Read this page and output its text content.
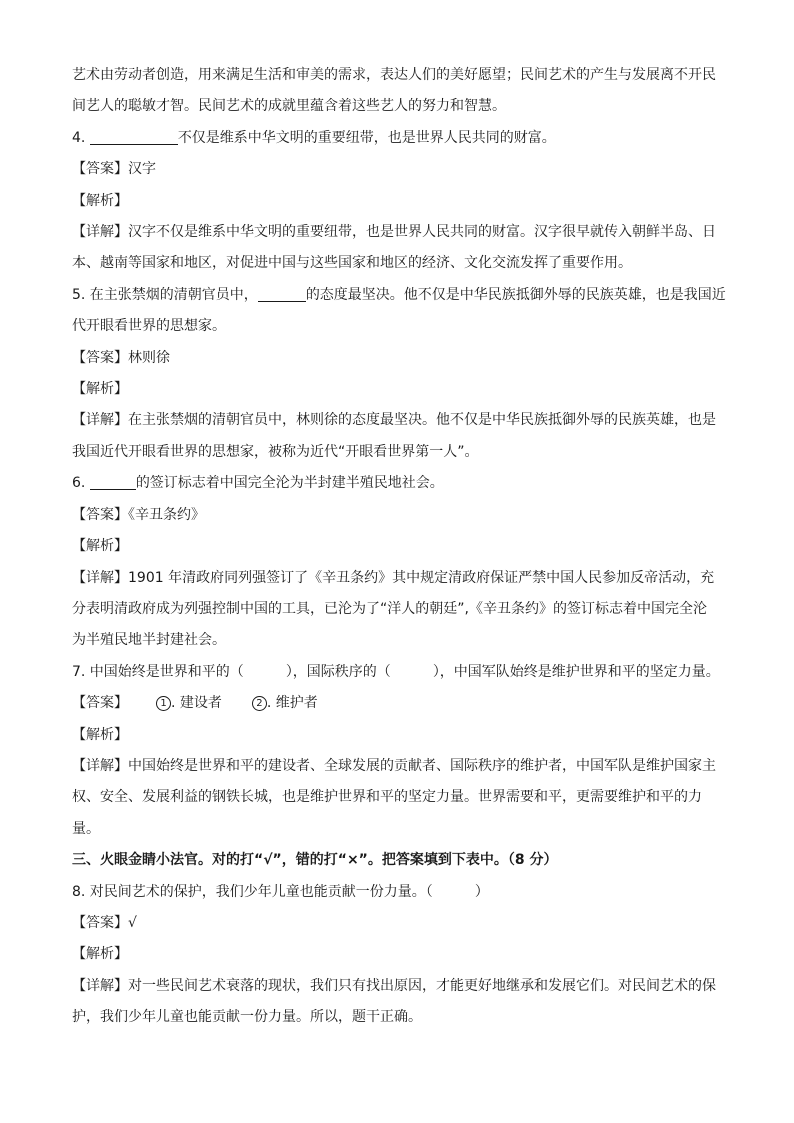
艺术由劳动者创造，用来满足生活和审美的需求，表达人们的美好愿望；民间艺术的产生与发展离不开民
间艺人的聪敏才智。民间艺术的成就里蕴含着这些艺人的努力和智慧。
4.	不仅是维系中华文明的重要纽带，也是世界人民共同的财富。
【答案】汉字
【解析】
【详解】汉字不仅是维系中华文明的重要纽带，也是世界人民共同的财富。汉字很早就传入朝鲜半岛、日
本、越南等国家和地区，对促进中国与这些国家和地区的经济、文化交流发挥了重要作用。
5. 在主张禁烟的清朝官员中，	的态度最坚决。他不仅是中华民族抵御外辱的民族英雄，也是我国近
代开眼看世界的思想家。
【答案】林则徐
【解析】
【详解】在主张禁烟的清朝官员中，林则徐的态度最坚决。他不仅是中华民族抵御外辱的民族英雄，也是
我国近代开眼看世界的思想家，被称为近代“开眼看世界第一人”。
6.	的签订标志着中国完全沦为半封建半殖民地社会。
【答案】《辛丑条约》
【解析】
【详解】1901 年清政府同列强签订了《辛丑条约》其中规定清政府保证严禁中国人民参加反帝活动，充
分表明清政府成为列强控制中国的工具，已沦为了“洋人的朝廷”,《辛丑条约》的签订标志着中国完全沦
为半殖民地半封建社会。
7. 中国始终是世界和平的（	），国际秩序的（	），中国军队始终是维护世界和平的坚定力量。
【答案】	1 . 建设者	2 . 维护者
【解析】
【详解】中国始终是世界和平的建设者、全球发展的贡献者、国际秩序的维护者，中国军队是维护国家主
权、安全、发展利益的钢铁长城，也是维护世界和平的坚定力量。世界需要和平，更需要维护和平的力
量。
三、火眼金睛小法官。对的打“√”，错的打“×”。把答案填到下表中。（8 分）
8. 对民间艺术的保护，我们少年儿童也能贡献一份力量。（	）
【答案】√
【解析】
【详解】对一些民间艺术衰落的现状，我们只有找出原因，才能更好地继承和发展它们。对民间艺术的保
护，我们少年儿童也能贡献一份力量。所以，题干正确。
